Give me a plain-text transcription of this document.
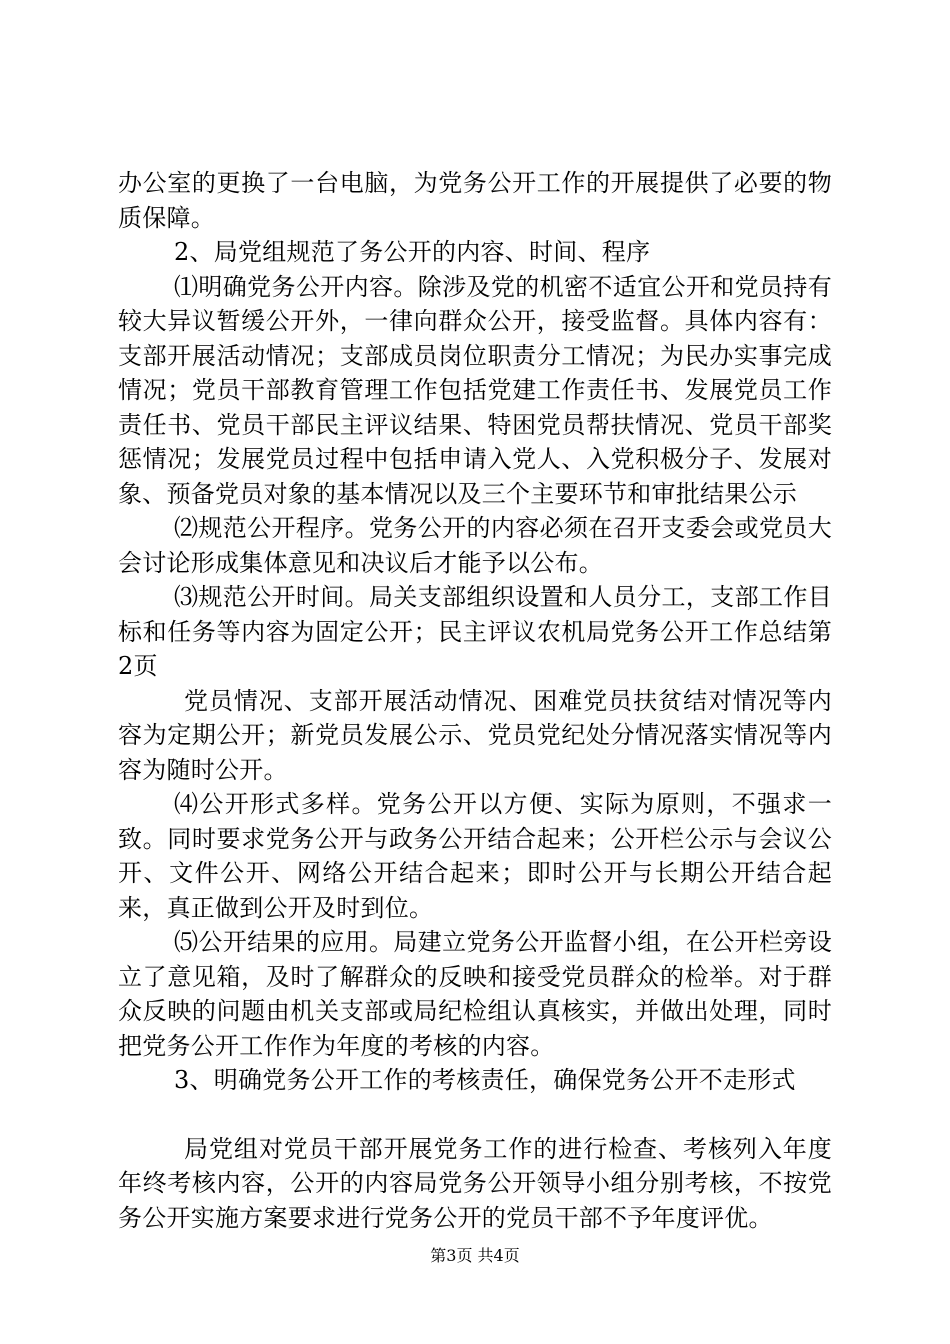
办公室的更换了一台电脑，为党务公开工作的开展提供了必要的物质保障。

2、局党组规范了务公开的内容、时间、程序

⑴明确党务公开内容。除涉及党的机密不适宜公开和党员持有较大异议暂缓公开外，一律向群众公开，接受监督。具体内容有：支部开展活动情况；支部成员岗位职责分工情况；为民办实事完成情况；党员干部教育管理工作包括党建工作责任书、发展党员工作责任书、党员干部民主评议结果、特困党员帮扶情况、党员干部奖惩情况；发展党员过程中包括申请入党人、入党积极分子、发展对象、预备党员对象的基本情况以及三个主要环节和审批结果公示

⑵规范公开程序。党务公开的内容必须在召开支委会或党员大会讨论形成集体意见和决议后才能予以公布。

⑶规范公开时间。局关支部组织设置和人员分工，支部工作目标和任务等内容为固定公开；民主评议农机局党务公开工作总结第2页

党员情况、支部开展活动情况、困难党员扶贫结对情况等内容为定期公开；新党员发展公示、党员党纪处分情况落实情况等内容为随时公开。

⑷公开形式多样。党务公开以方便、实际为原则，不强求一致。同时要求党务公开与政务公开结合起来；公开栏公示与会议公开、文件公开、网络公开结合起来；即时公开与长期公开结合起来，真正做到公开及时到位。

⑸公开结果的应用。局建立党务公开监督小组，在公开栏旁设立了意见箱，及时了解群众的反映和接受党员群众的检举。对于群众反映的问题由机关支部或局纪检组认真核实，并做出处理，同时把党务公开工作作为年度的考核的内容。

3、明确党务公开工作的考核责任，确保党务公开不走形式

局党组对党员干部开展党务工作的进行检查、考核列入年度年终考核内容，公开的内容局党务公开领导小组分别考核，不按党务公开实施方案要求进行党务公开的党员干部不予年度评优。

第3页 共4页
